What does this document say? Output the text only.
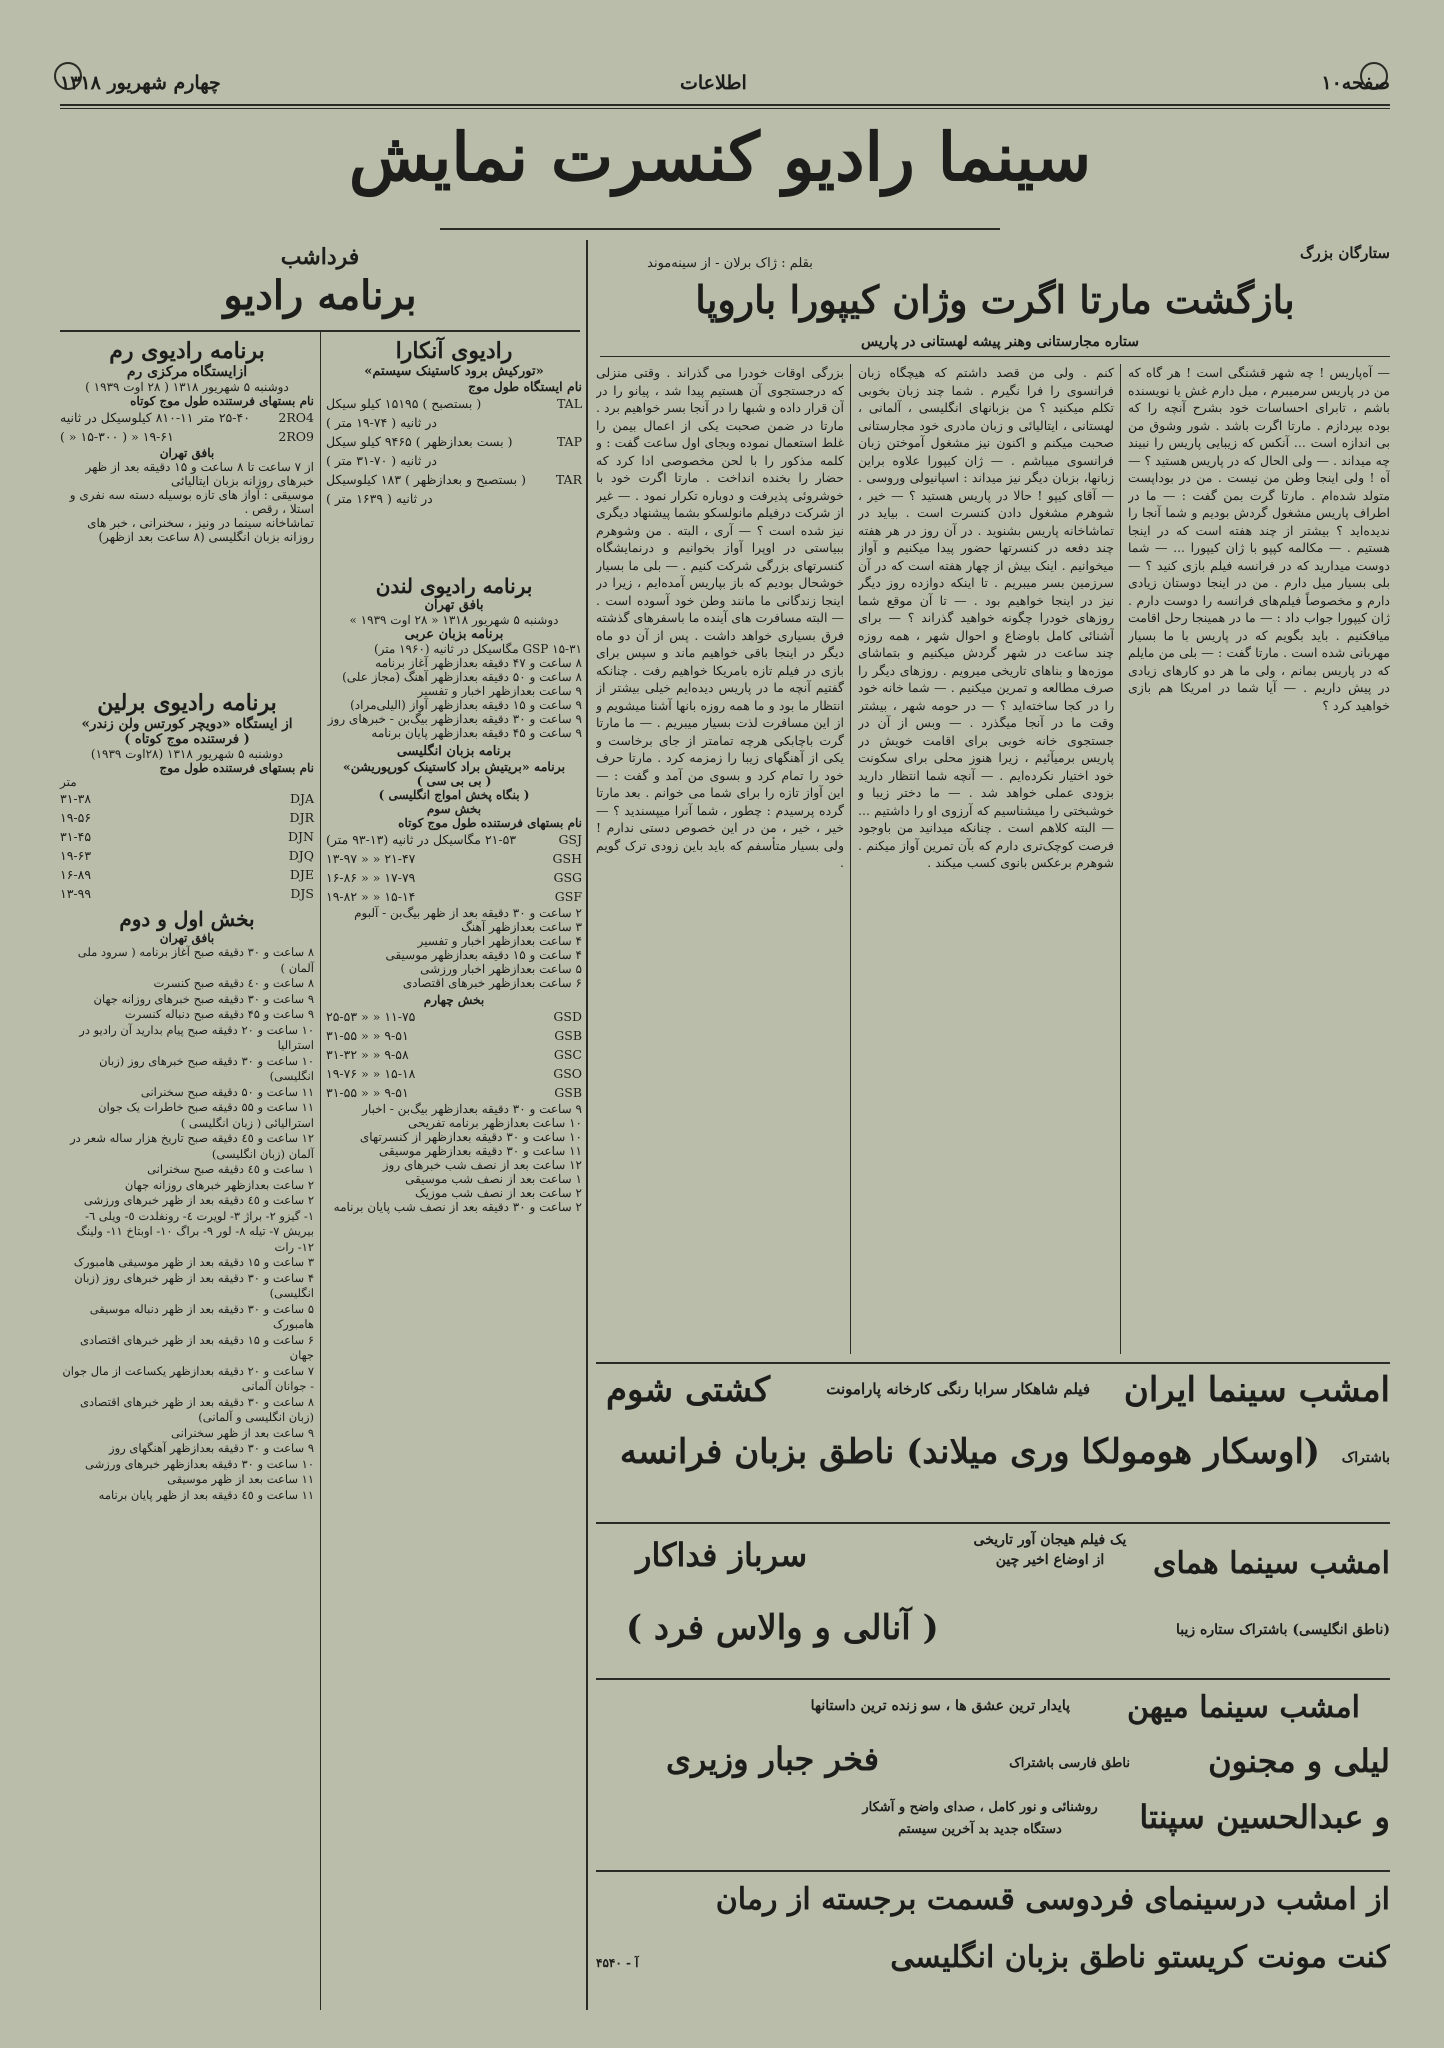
صفحه۱۰
اطلاعات
چهارم شهریور ۱۳۱۸
سینما رادیو کنسرت نمایش
ستارگان بزرگ
بقلم : ژاک برلان - از سینه‌موند
بازگشت مارتا اگرت وژان کیپورا باروپا
ستاره مجارستانی وهنر پیشه لهستانی در پاریس
— آه‌پاریس ! چه شهر قشنگی است ! هر گاه که من در پاریس سرمیبرم ، میل دارم غش یا نویسنده باشم ، تابرای احساسات خود بشرح آنچه را که بوده بپردازم . مارتا اگرت باشد . شور وشوق من بی اندازه است ... آنکس که زیبایی پاریس را نبیند چه میداند . — ولی الحال که در پاریس هستید ؟ — آه ! ولی اینجا وطن من نیست . من در بوداپست متولد شده‌ام . مارتا گرت بمن گفت : — ما در اطراف پاریس مشغول گردش بودیم و شما آنجا را ندیده‌اید ؟ بیشتر از چند هفته است که در اینجا هستیم . — مکالمه کپپو با ژان کیپورا ... — شما دوست میدارید که در فرانسه فیلم بازی کنید ؟ — بلی بسیار میل دارم . من در اینجا دوستان زیادی دارم و مخصوصاً فیلم‌های فرانسه را دوست دارم . ژان کیپورا جواب داد : — ما در همینجا رحل اقامت میافکنیم . باید بگویم که در پاریس با ما بسیار مهربانی شده است . مارتا گفت : — بلی من مایلم که در پاریس بمانم ، ولی ما هر دو کارهای زیادی در پیش داریم . — آیا شما در امریکا هم بازی خواهید کرد ؟
کنم . ولی من قصد داشتم که هیچگاه زبان فرانسوی را فرا نگیرم . شما چند زبان بخوبی تکلم میکنید ؟ من بزبانهای انگلیسی ، آلمانی ، لهستانی ، ایتالیائی و زبان مادری خود مجارستانی صحبت میکنم و اکنون نیز مشغول آموختن زبان فرانسوی میباشم . — ژان کیپورا علاوه براین زبانها، بزبان دیگر نیز میداند : اسپانیولی وروسی . — آقای کیپو ! حالا در پاریس هستید ؟ — خیر ، شوهرم مشغول دادن کنسرت است . بیاید در تماشاخانه پاریس بشنوید . در آن روز در هر هفته چند دفعه در کنسرتها حضور پیدا میکنیم و آواز میخوانیم . اینک بیش از چهار هفته است که در آن سرزمین بسر میبریم . تا اینکه دوازده روز دیگر نیز در اینجا خواهیم بود . — تا آن موقع شما روزهای خودرا چگونه خواهید گذراند ؟ — برای آشنائی کامل باوضاع و احوال شهر ، همه روزه چند ساعت در شهر گردش میکنیم و بتماشای موزه‌ها و بناهای تاریخی میرویم . روزهای دیگر را صرف مطالعه و تمرین میکنیم . — شما خانه خود را در کجا ساخته‌اید ؟ — در حومه شهر ، بیشتر وقت ما در آنجا میگذرد . — وبس از آن در جستجوی خانه خوبی برای اقامت خویش در پاریس برمیآئیم ، زیرا هنوز محلی برای سکونت خود اختیار نکرده‌ایم . — آنچه شما انتظار دارید بزودی عملی خواهد شد . — ما دختر زیبا و خوشبختی را میشناسیم که آرزوی او را داشتیم ... — البته کلاهم است . چنانکه میدانید من باوجود فرصت کوچک‌تری دارم که بآن تمرین آواز میکنم . شوهرم برعکس بانوی کسب میکند .
بزرگی اوقات خودرا می گذراند . وقتی منزلی که درجستجوی آن هستیم پیدا شد ، پیانو را در آن قرار داده و شبها را در آنجا بسر خواهیم برد . مارتا در ضمن صحبت یکی از اعمال بیمن را غلط استعمال نموده وبجای اول ساعت گفت : و کلمه مذکور را با لحن مخصوصی ادا کرد که حضار را بخنده انداخت . مارتا اگرت خود با خوشروئی پذیرفت و دوباره تکرار نمود . — غیر از شرکت درفیلم مانولسکو بشما پیشنهاد دیگری نیز شده است ؟ — آری ، البته . من وشوهرم ببیاستی در اوپرا آواز بخوانیم و درنمایشگاه کنسرتهای بزرگی شرکت کنیم . — بلی ما بسیار خوشحال بودیم که باز بپاریس آمده‌ایم ، زیرا در اینجا زندگانی ما مانند وطن خود آسوده است . — البته مسافرت های آینده ما باسفرهای گذشته فرق بسیاری خواهد داشت . پس از آن دو ماه دیگر در اینجا باقی خواهیم ماند و سپس برای بازی در فیلم تازه بامریکا خواهیم رفت . چنانکه گفتیم آنچه ما در پاریس دیده‌ایم خیلی بیشتر از انتظار ما بود و ما همه روزه بانها آشنا میشویم و از این مسافرت لذت بسیار میبریم . — ما مارتا گرت باچابکی هرچه تمامتر از جای برخاست و یکی از آهنگهای زیبا را زمزمه کرد . مارتا حرف خود را تمام کرد و بسوی من آمد و گفت : — این آواز تازه را برای شما می خوانم . بعد مارتا گرده پرسیدم : چطور ، شما آنرا میپسندید ؟ — خیر ، خیر ، من در این خصوص دستی ندارم ! ولی بسیار متأسفم که باید باین زودی ترک گویم .
فرداشب
برنامه رادیو
رادیوی آنکارا
«تورکیش برود کاستینک سیستم»
نام ایستگاه طول موج
TAL
( بستصبح ) ۱۵۱۹۵ کیلو سیکل
در ثانیه ( ۷۴-۱۹ متر )
TAP
( بست بعدازظهر ) ۹۴۶۵ کیلو سیکل
در ثانیه ( ۷۰-۳۱ متر )
TAR
( بستصبح و بعدازظهر ) ۱۸۳ کیلوسیکل
در ثانیه ( ۱۶۳۹ متر )
برنامه رادیوی لندن
بافق تهران
دوشنبه ۵ شهریور ۱۳۱۸ « ۲۸ اوت ۱۹۳۹ »
برنامه بزبان عربی
GSP ۱۵-۳۱ مگاسیکل در ثانیه (۱۹۶۰ متر)
۸ ساعت و ۴۷ دقیقه بعدازظهر آغاز برنامه
۸ ساعت و ۵۰ دقیقه بعدازظهر آهنگ (مجاز علی)
۹ ساعت بعدازظهر اخبار و تفسیر
۹ ساعت و ۱۵ دقیقه بعدازظهر آواز (الیلی‌مراد)
۹ ساعت و ۳۰ دقیقه بعدازظهر بیگ‌بن - خبرهای روز
۹ ساعت و ۴۵ دقیقه بعدازظهر پایان برنامه
برنامه بزبان انگلیسی
برنامه «بریتیش براد کاستینک کورپوریشن»
( بی‌ بی سی )
( بنگاه پخش امواج انگلیسی )
بخش سوم
نام بستهای فرستنده طول موج کوتاه
GSJ
۲۱-۵۳ مگاسیکل در ثانیه (۱۳-۹۳ متر)
GSH
۲۱-۴۷ « « ۱۳-۹۷
GSG
۱۷-۷۹ « « ۱۶-۸۶
GSF
۱۵-۱۴ « « ۱۹-۸۲
۲ ساعت و ۳۰ دقیقه بعد از ظهر بیگ‌بن - آلبوم
۳ ساعت بعدازظهر آهنگ
۴ ساعت بعدازظهر اخبار و تفسیر
۴ ساعت و ۱۵ دقیقه بعدازظهر موسیقی
۵ ساعت بعدازظهر اخبار ورزشی
۶ ساعت بعدازظهر خبرهای اقتصادی
بخش چهارم
GSD
۱۱-۷۵ « « ۲۵-۵۳
GSB
۹-۵۱ « « ۳۱-۵۵
GSC
۹-۵۸ « « ۳۱-۳۲
GSO
۱۵-۱۸ « « ۱۹-۷۶
GSB
۹-۵۱ « « ۳۱-۵۵
۹ ساعت و ۳۰ دقیقه بعدازظهر بیگ‌بن - اخبار
۱۰ ساعت بعدازظهر برنامه تفریحی
۱۰ ساعت و ۳۰ دقیقه بعدازظهر از کنسرتهای
۱۱ ساعت و ۳۰ دقیقه بعدازظهر موسیقی
۱۲ ساعت بعد از نصف شب خبرهای روز
۱ ساعت بعد از نصف شب موسیقی
۲ ساعت بعد از نصف شب موزیک
۲ ساعت و ۳۰ دقیقه بعد از نصف شب پایان برنامه
برنامه رادیوی رم
ازایستگاه مرکزی رم
دوشنبه ۵ شهریور ۱۳۱۸ ( ۲۸ اوت ۱۹۳۹ )
نام بستهای فرستنده طول موج کوتاه
2RO4
۲۵-۴۰ متر ۱۱-۸۱۰ کیلوسیکل در ثانیه
2RO9
۱۹-۶۱ « ( ۱۵-۳۰۰ « )
بافق تهران
از ۷ ساعت تا ۸ ساعت و ۱۵ دقیقه بعد از ظهر خبرهای روزانه بزبان ایتالیائی
موسیقی : آواز های تازه بوسیله دسته سه نفری و استلا ، رقص .
تماشاخانه سینما در ونیز ، سخنرانی ، خبر های روزانه بزبان انگلیسی (۸ ساعت بعد ازظهر)
برنامه رادیوی برلین
از ایستگاه «دویچر کورتس ولن زندر»
( فرستنده موج کوتاه )
دوشنبه ۵ شهریور ۱۳۱۸ (۲۸اوت ۱۹۳۹)
نام بستهای فرستنده طول موج
متر
DJA
۳۱-۳۸
DJR
۱۹-۵۶
DJN
۳۱-۴۵
DJQ
۱۹-۶۳
DJE
۱۶-۸۹
DJS
۱۳-۹۹
بخش اول و دوم
بافق تهران
۸ ساعت و ۳۰ دقیقه صبح آغاز برنامه ( سرود ملی آلمان )
۸ ساعت و ٤٠ دقیقه صبح کنسرت
۹ ساعت و ۳۰ دقیقه صبح خبرهای روزانه جهان
۹ ساعت و ۴۵ دقیقه صبح دنباله کنسرت
۱۰ ساعت و ۲۰ دقیقه صبح پیام بدارید آن رادیو در استرالیا
۱۰ ساعت و ۳۰ دقیقه صبح خبرهای روز (زبان انگلیسی)
۱۱ ساعت و ۵۰ دقیقه صبح سخنرانی
۱۱ ساعت و ۵۵ دقیقه صبح خاطرات یک جوان استرالیائی ( زبان انگلیسی )
۱۲ ساعت و ٤٥ دقیقه صبح تاریخ هزار ساله شعر در آلمان (زبان انگلیسی)
۱ ساعت و ٤٥ دقیقه صبح سخنرانی
۲ ساعت بعدازظهر خبرهای روزانه جهان
۲ ساعت و ٤٥ دقیقه بعد از ظهر خبرهای ورزشی
۱- گیزو ۲- براژ ۳- لویرت ٤- رونفلدت ٥- ویلی ٦- بیریش ۷- تیله ۸- لور ۹- براگ ۱۰- اوبتاخ ۱۱- ولینگ ۱۲- رات
۳ ساعت و ۱۵ دقیقه بعد از ظهر موسیقی هامبورک
۴ ساعت و ۳۰ دقیقه بعد از ظهر خبرهای روز (زبان انگلیسی)
۵ ساعت و ۳۰ دقیقه بعد از ظهر دنباله موسیقی هامبورک
۶ ساعت و ۱۵ دقیقه بعد از ظهر خبرهای اقتصادی جهان
۷ ساعت و ۲۰ دقیقه بعدازظهر یکساعت از مال جوان - جوانان آلمانی
۸ ساعت و ٣٠ دقیقه بعد از ظهر خبرهای اقتصادی (زبان انگلیسی و آلمانی)
۹ ساعت بعد از ظهر سخنرانی
۹ ساعت و ۳۰ دقیقه بعدازظهر آهنگهای روز
۱۰ ساعت و ۳۰ دقیقه بعدازظهر خبرهای ورزشی
۱۱ ساعت بعد از ظهر موسیقی
۱۱ ساعت و ٤٥ دقیقه بعد از ظهر پایان برنامه
امشب سینما ایران
فیلم شاهکار سرابا رنگی کارخانه پارامونت
کشتی شوم
باشتراک
(اوسکار هومولکا وری میلاند) ناطق بزبان فرانسه
امشب سینما همای
یک فیلم هیجان آور تاریخی
از اوضاع اخیر چین
سرباز فداکار
(ناطق انگلیسی) باشتراک ستاره زیبا
( آنالی و والاس فرد )
امشب سینما میهن
پایدار ترین عشق ها ، سو زنده ترین داستانها
لیلی و مجنون
ناطق فارسی باشتراک
فخر جبار وزیری
و عبدالحسین سپنتا
روشنائی و نور کامل ، صدای واضح و آشکار
دستگاه جدید بد آخرین سیستم
از امشب درسینمای فردوسی قسمت برجسته از رمان
کنت مونت کریستو ناطق بزبان انگلیسی
آ - ۴۵۴۰
